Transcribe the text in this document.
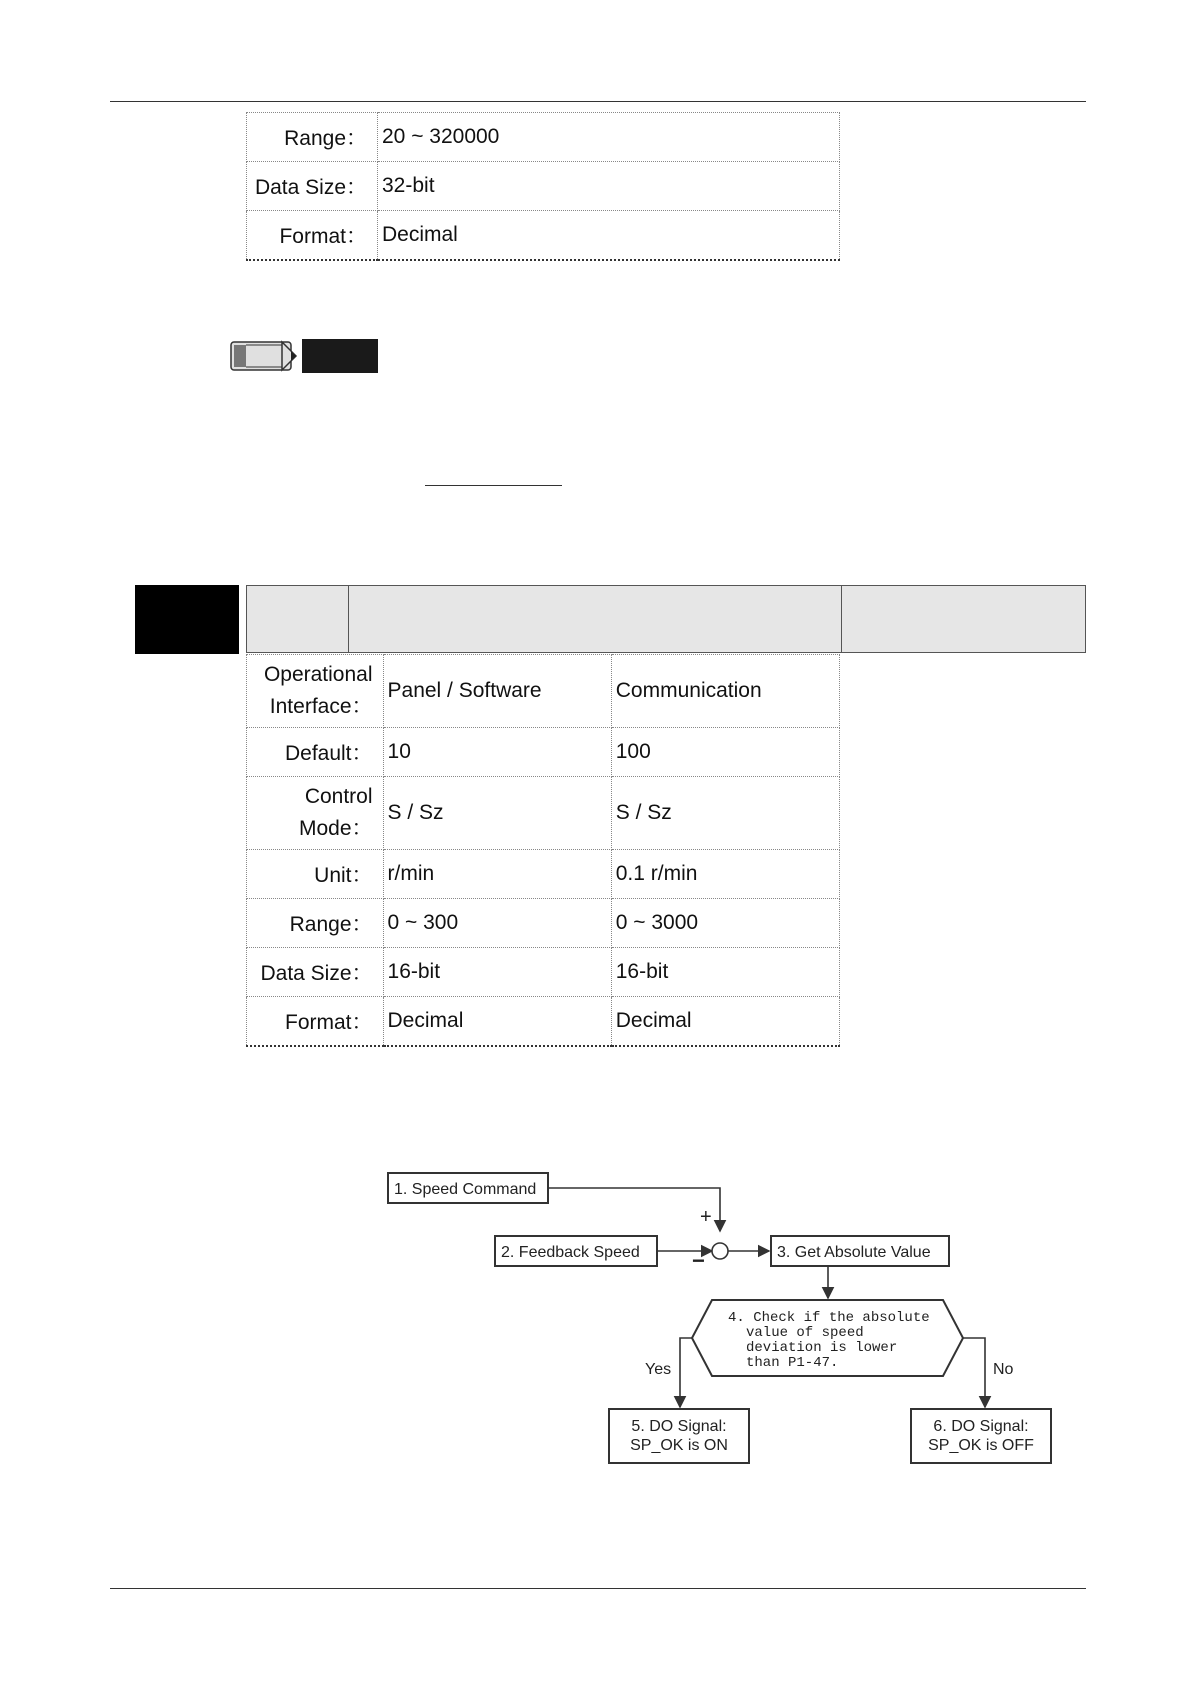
Range：	20 ~ 320000
Data Size：	32-bit
Format：	Decimal
Operational
Interface：	Panel / Software	Communication
Default：	10	100

Control
Mode：	S / Sz	S / Sz
Unit：	r/min	0.1 r/min
Range：	0 ~ 300	0 ~ 3000
Data Size：	16-bit	16-bit
Format：	Decimal	Decimal
1. Speed Command
+
2. Feedback Speed −	3. Get Absolute Value
4. Check if the absolute
value of speed
deviation is lower
than P1-47.
Yes	No
5. DO Signal:
SP_OK is ON
6. DO Signal:
SP_OK is OFF
